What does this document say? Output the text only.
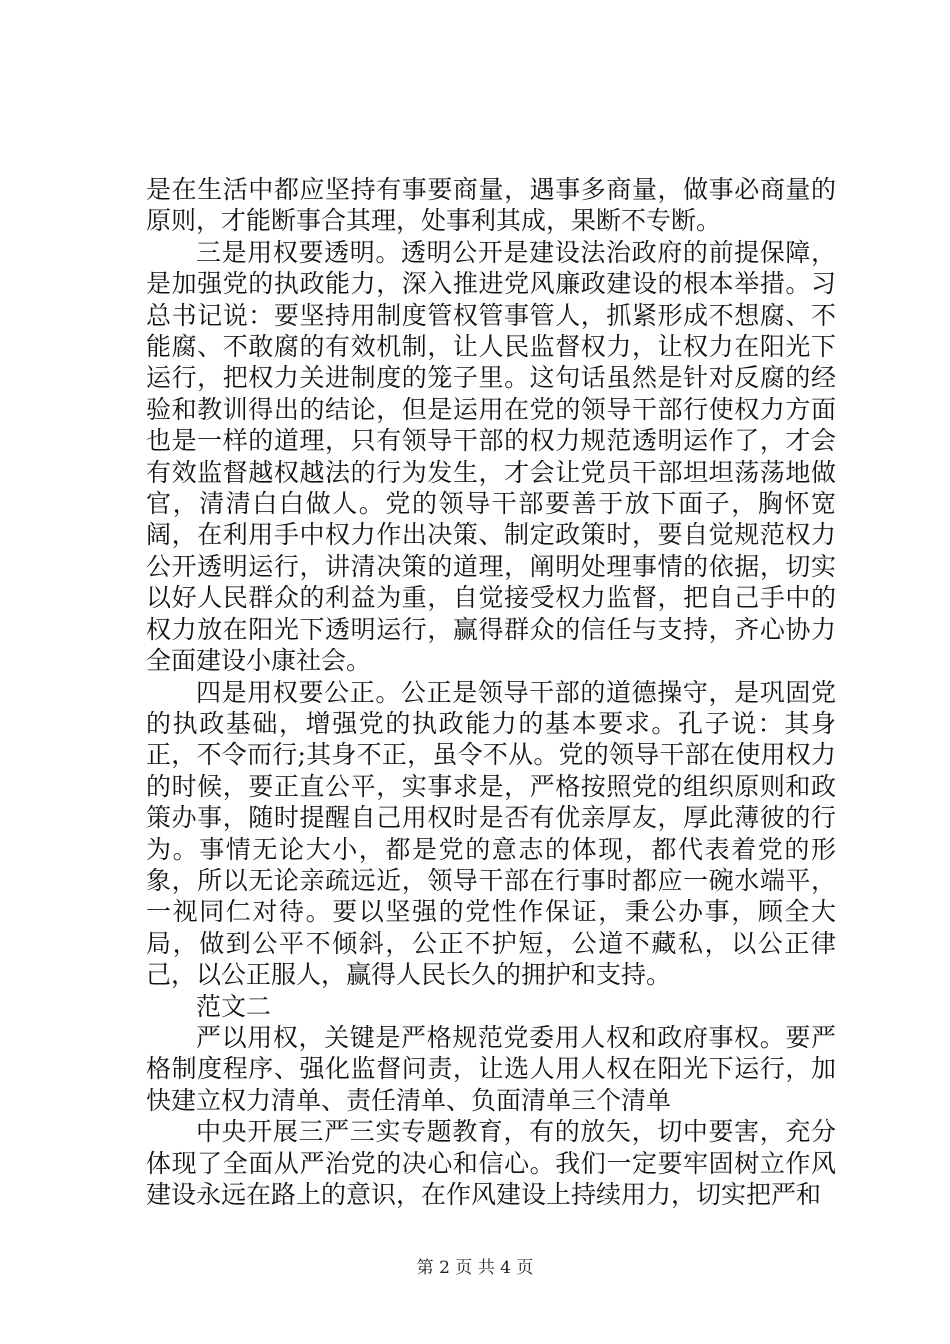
是在生活中都应坚持有事要商量，遇事多商量，做事必商量的原则，才能断事合其理，处事利其成，果断不专断。

三是用权要透明。透明公开是建设法治政府的前提保障，是加强党的执政能力，深入推进党风廉政建设的根本举措。习总书记说：要坚持用制度管权管事管人，抓紧形成不想腐、不能腐、不敢腐的有效机制，让人民监督权力，让权力在阳光下运行，把权力关进制度的笼子里。这句话虽然是针对反腐的经验和教训得出的结论，但是运用在党的领导干部行使权力方面也是一样的道理，只有领导干部的权力规范透明运作了，才会有效监督越权越法的行为发生，才会让党员干部坦坦荡荡地做官，清清白白做人。党的领导干部要善于放下面子，胸怀宽阔，在利用手中权力作出决策、制定政策时，要自觉规范权力公开透明运行，讲清决策的道理，阐明处理事情的依据，切实以好人民群众的利益为重，自觉接受权力监督，把自己手中的权力放在阳光下透明运行，赢得群众的信任与支持，齐心协力全面建设小康社会。

四是用权要公正。公正是领导干部的道德操守，是巩固党的执政基础，增强党的执政能力的基本要求。孔子说：其身正，不令而行;其身不正，虽令不从。党的领导干部在使用权力的时候，要正直公平，实事求是，严格按照党的组织原则和政策办事，随时提醒自己用权时是否有优亲厚友，厚此薄彼的行为。事情无论大小，都是党的意志的体现，都代表着党的形象，所以无论亲疏远近，领导干部在行事时都应一碗水端平，一视同仁对待。要以坚强的党性作保证，秉公办事，顾全大局，做到公平不倾斜，公正不护短，公道不藏私，以公正律己，以公正服人，赢得人民长久的拥护和支持。

范文二

严以用权，关键是严格规范党委用人权和政府事权。要严格制度程序、强化监督问责，让选人用人权在阳光下运行，加快建立权力清单、责任清单、负面清单三个清单

中央开展三严三实专题教育，有的放矢，切中要害，充分体现了全面从严治党的决心和信心。我们一定要牢固树立作风建设永远在路上的意识，在作风建设上持续用力，切实把严和

第 2 页 共 4 页
